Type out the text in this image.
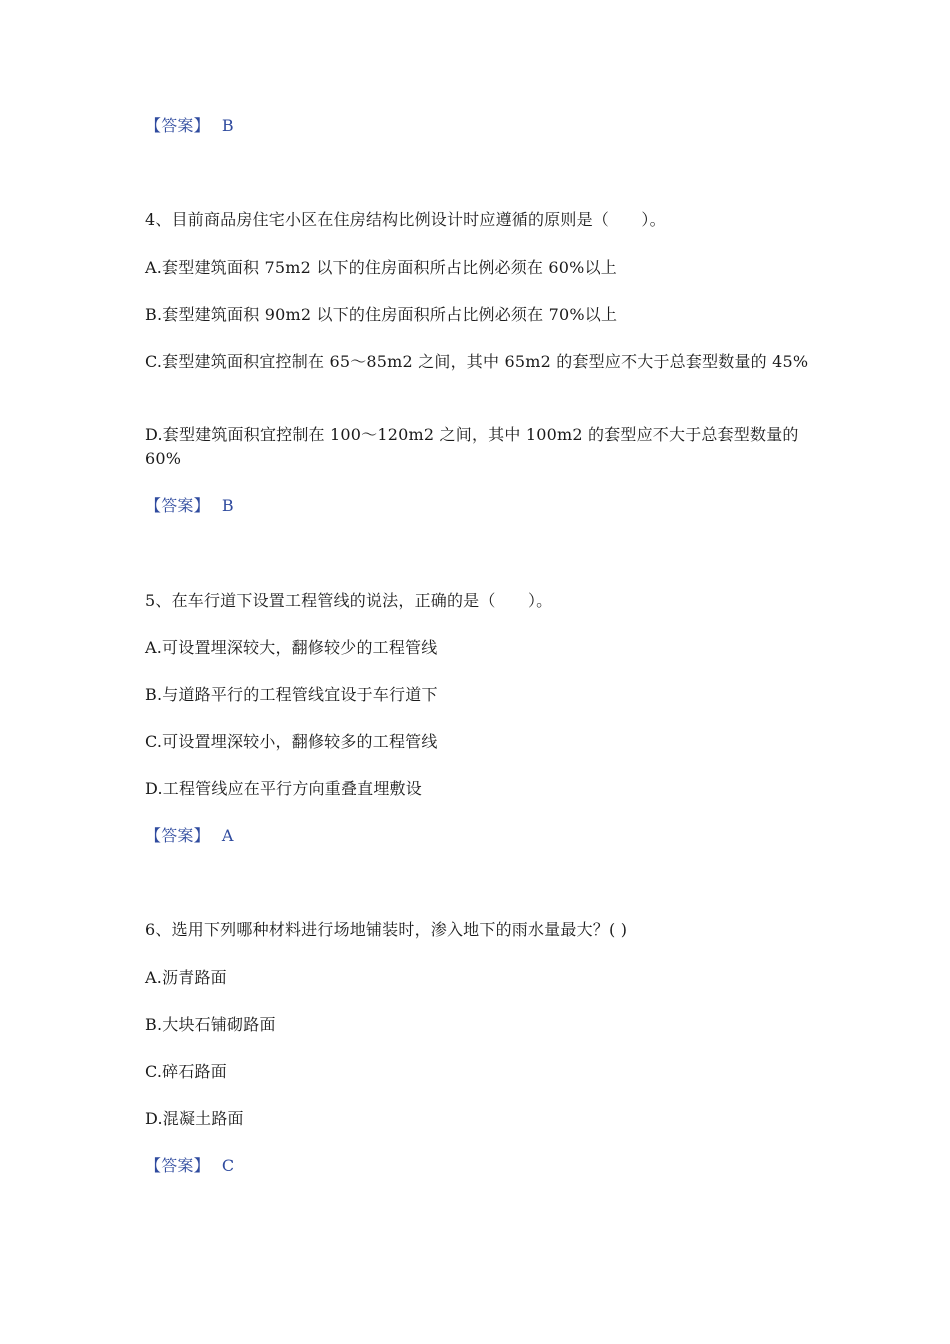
【答案】 B
4、目前商品房住宅小区在住房结构比例设计时应遵循的原则是（　　）。
A.套型建筑面积 75m2 以下的住房面积所占比例必须在 60%以上
B.套型建筑面积 90m2 以下的住房面积所占比例必须在 70%以上
C.套型建筑面积宜控制在 65～85m2 之间，其中 65m2 的套型应不大于总套型数量的 45%
D.套型建筑面积宜控制在 100～120m2 之间，其中 100m2 的套型应不大于总套型数量的 60%
【答案】 B
5、在车行道下设置工程管线的说法，正确的是（　　）。
A.可设置埋深较大，翻修较少的工程管线
B.与道路平行的工程管线宜设于车行道下
C.可设置埋深较小，翻修较多的工程管线
D.工程管线应在平行方向重叠直埋敷设
【答案】 A
6、选用下列哪种材料进行场地铺装时，渗入地下的雨水量最大？( )
A.沥青路面
B.大块石铺砌路面
C.碎石路面
D.混凝土路面
【答案】 C
